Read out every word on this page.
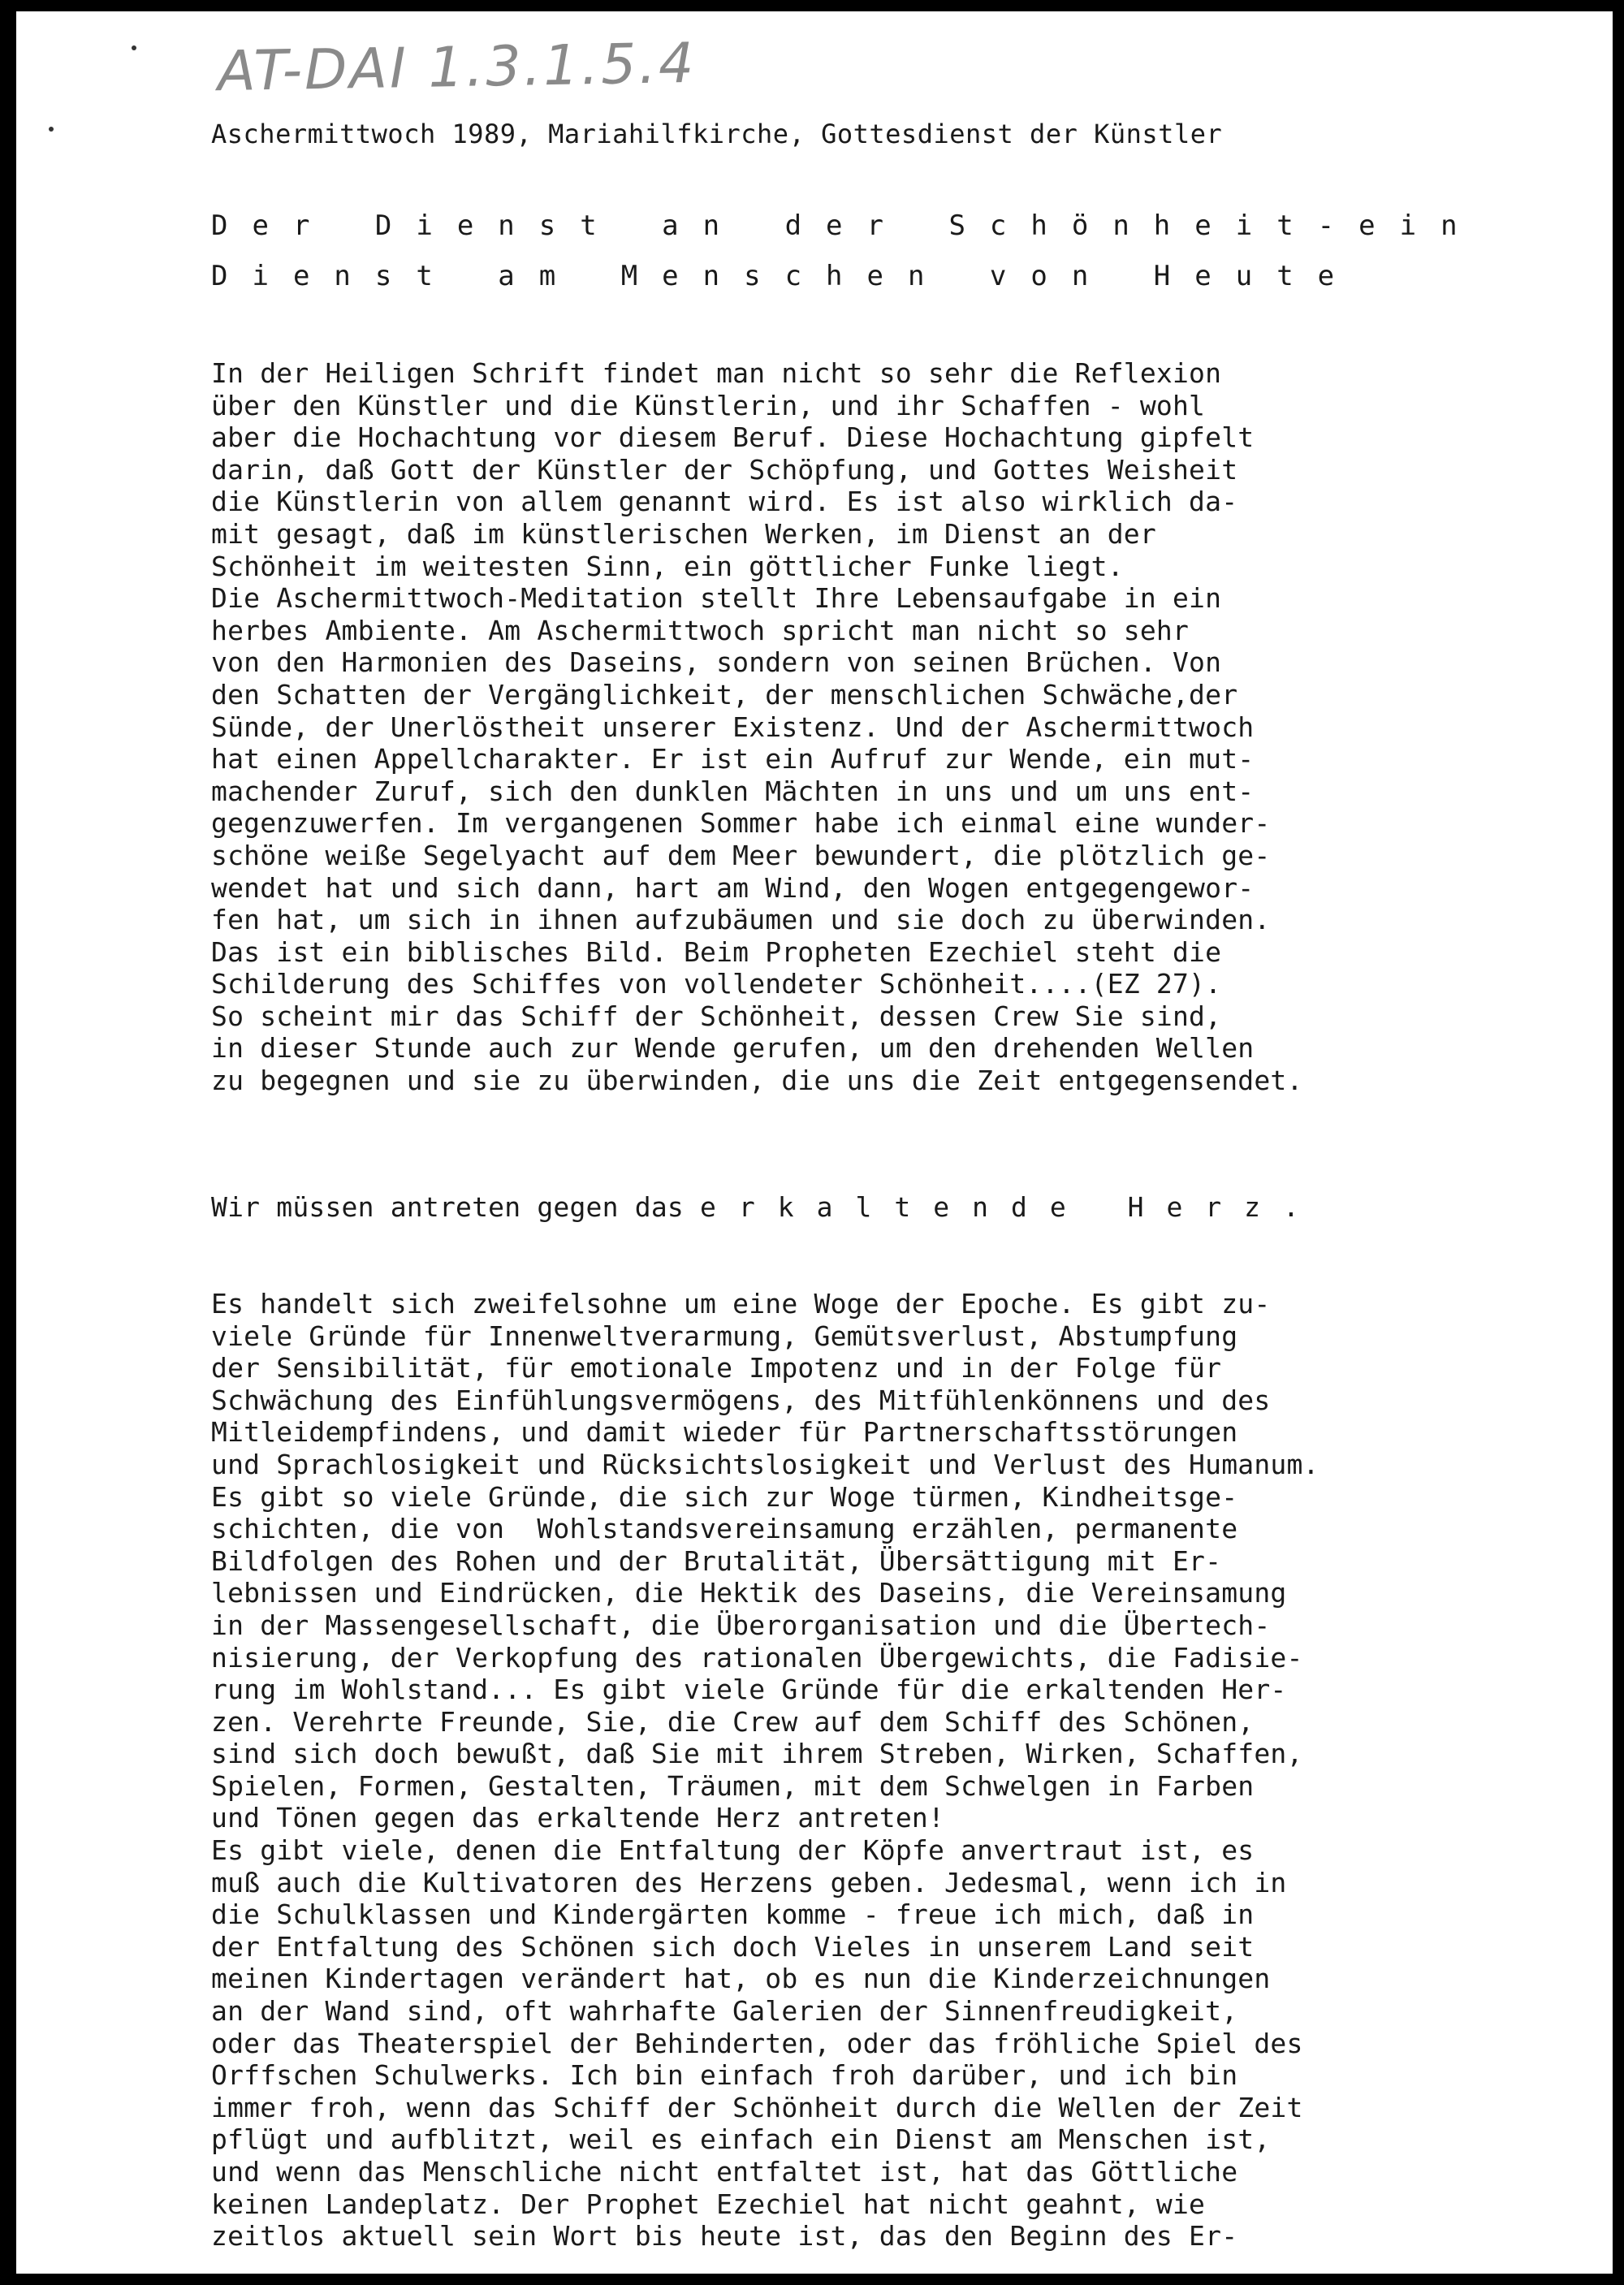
AT-DAI 1.3.1.5.4
Aschermittwoch 1989, Mariahilfkirche, Gottesdienst der Künstler
Der Dienst an der Schönheit-ein
Dienst am Menschen von Heute
In der Heiligen Schrift findet man nicht so sehr die Reflexion
über den Künstler und die Künstlerin, und ihr Schaffen - wohl
aber die Hochachtung vor diesem Beruf. Diese Hochachtung gipfelt
darin, daß Gott der Künstler der Schöpfung, und Gottes Weisheit
die Künstlerin von allem genannt wird. Es ist also wirklich da-
mit gesagt, daß im künstlerischen Werken, im Dienst an der
Schönheit im weitesten Sinn, ein göttlicher Funke liegt.
Die Aschermittwoch-Meditation stellt Ihre Lebensaufgabe in ein
herbes Ambiente. Am Aschermittwoch spricht man nicht so sehr
von den Harmonien des Daseins, sondern von seinen Brüchen. Von
den Schatten der Vergänglichkeit, der menschlichen Schwäche,der
Sünde, der Unerlöstheit unserer Existenz. Und der Aschermittwoch
hat einen Appellcharakter. Er ist ein Aufruf zur Wende, ein mut-
machender Zuruf, sich den dunklen Mächten in uns und um uns ent-
gegenzuwerfen. Im vergangenen Sommer habe ich einmal eine wunder-
schöne weiße Segelyacht auf dem Meer bewundert, die plötzlich ge-
wendet hat und sich dann, hart am Wind, den Wogen entgegengewor-
fen hat, um sich in ihnen aufzubäumen und sie doch zu überwinden.
Das ist ein biblisches Bild. Beim Propheten Ezechiel steht die
Schilderung des Schiffes von vollendeter Schönheit....(EZ 27).
So scheint mir das Schiff der Schönheit, dessen Crew Sie sind,
in dieser Stunde auch zur Wende gerufen, um den drehenden Wellen
zu begegnen und sie zu überwinden, die uns die Zeit entgegensendet.

Wir müssen antreten gegen das erkaltende Herz.

Es handelt sich zweifelsohne um eine Woge der Epoche. Es gibt zu-
viele Gründe für Innenweltverarmung, Gemütsverlust, Abstumpfung
der Sensibilität, für emotionale Impotenz und in der Folge für
Schwächung des Einfühlungsvermögens, des Mitfühlenkönnens und des
Mitleidempfindens, und damit wieder für Partnerschaftsstörungen
und Sprachlosigkeit und Rücksichtslosigkeit und Verlust des Humanum.
Es gibt so viele Gründe, die sich zur Woge türmen, Kindheitsge-
schichten, die von  Wohlstandsvereinsamung erzählen, permanente
Bildfolgen des Rohen und der Brutalität, Übersättigung mit Er-
lebnissen und Eindrücken, die Hektik des Daseins, die Vereinsamung
in der Massengesellschaft, die Überorganisation und die Übertech-
nisierung, der Verkopfung des rationalen Übergewichts, die Fadisie-
rung im Wohlstand... Es gibt viele Gründe für die erkaltenden Her-
zen. Verehrte Freunde, Sie, die Crew auf dem Schiff des Schönen,
sind sich doch bewußt, daß Sie mit ihrem Streben, Wirken, Schaffen,
Spielen, Formen, Gestalten, Träumen, mit dem Schwelgen in Farben
und Tönen gegen das erkaltende Herz antreten!
Es gibt viele, denen die Entfaltung der Köpfe anvertraut ist, es
muß auch die Kultivatoren des Herzens geben. Jedesmal, wenn ich in
die Schulklassen und Kindergärten komme - freue ich mich, daß in
der Entfaltung des Schönen sich doch Vieles in unserem Land seit
meinen Kindertagen verändert hat, ob es nun die Kinderzeichnungen
an der Wand sind, oft wahrhafte Galerien der Sinnenfreudigkeit,
oder das Theaterspiel der Behinderten, oder das fröhliche Spiel des
Orffschen Schulwerks. Ich bin einfach froh darüber, und ich bin
immer froh, wenn das Schiff der Schönheit durch die Wellen der Zeit
pflügt und aufblitzt, weil es einfach ein Dienst am Menschen ist,
und wenn das Menschliche nicht entfaltet ist, hat das Göttliche
keinen Landeplatz. Der Prophet Ezechiel hat nicht geahnt, wie
zeitlos aktuell sein Wort bis heute ist, das den Beginn des Er-
